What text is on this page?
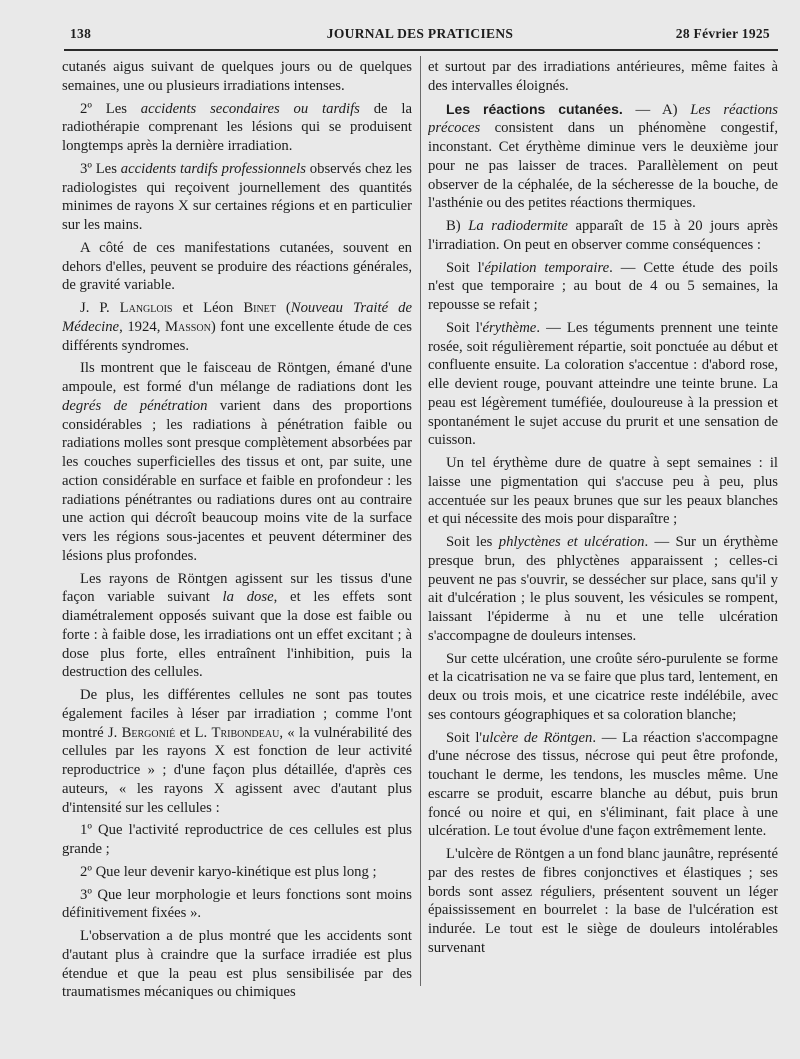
138	JOURNAL DES PRATICIENS	28 Février 1925

cutanés aigus suivant de quelques jours ou de quelques semaines, une ou plusieurs irradiations intenses.

2º Les accidents secondaires ou tardifs de la radiothérapie comprenant les lésions qui se produisent longtemps après la dernière irradiation.

3º Les accidents tardifs professionnels observés chez les radiologistes qui reçoivent journellement des quantités minimes de rayons X sur certaines régions et en particulier sur les mains.

A côté de ces manifestations cutanées, souvent en dehors d'elles, peuvent se produire des réactions générales, de gravité variable.

J. P. Langlois et Léon Binet (Nouveau Traité de Médecine, 1924, Masson) font une excellente étude de ces différents syndromes.

Ils montrent que le faisceau de Röntgen, émané d'une ampoule, est formé d'un mélange de radiations dont les degrés de pénétration varient dans des proportions considérables ; les radiations à pénétration faible ou radiations molles sont presque complètement absorbées par les couches superficielles des tissus et ont, par suite, une action considérable en surface et faible en profondeur : les radiations pénétrantes ou radiations dures ont au contraire une action qui décroît beaucoup moins vite de la surface vers les régions sous-jacentes et peuvent déterminer des lésions plus profondes.

Les rayons de Röntgen agissent sur les tissus d'une façon variable suivant la dose, et les effets sont diamétralement opposés suivant que la dose est faible ou forte : à faible dose, les irradiations ont un effet excitant ; à dose plus forte, elles entraînent l'inhibition, puis la destruction des cellules.

De plus, les différentes cellules ne sont pas toutes également faciles à léser par irradiation ; comme l'ont montré J. Bergonié et L. Tribondeau, « la vulnérabilité des cellules par les rayons X est fonction de leur activité reproductrice » ; d'une façon plus détaillée, d'après ces auteurs, « les rayons X agissent avec d'autant plus d'intensité sur les cellules :

1º Que l'activité reproductrice de ces cellules est plus grande ;

2º Que leur devenir karyo-kinétique est plus long ;

3º Que leur morphologie et leurs fonctions sont moins définitivement fixées ».

L'observation a de plus montré que les accidents sont d'autant plus à craindre que la surface irradiée est plus étendue et que la peau est plus sensibilisée par des traumatismes mécaniques ou chimiques

et surtout par des irradiations antérieures, même faites à des intervalles éloignés.

Les réactions cutanées. — A) Les réactions précoces consistent dans un phénomène congestif, inconstant. Cet érythème diminue vers le deuxième jour pour ne pas laisser de traces. Parallèlement on peut observer de la céphalée, de la sécheresse de la bouche, de l'asthénie ou des petites réactions thermiques.

B) La radiodermite apparaît de 15 à 20 jours après l'irradiation. On peut en observer comme conséquences :

Soit l'épilation temporaire. — Cette étude des poils n'est que temporaire ; au bout de 4 ou 5 semaines, la repousse se refait ;

Soit l'érythème. — Les téguments prennent une teinte rosée, soit régulièrement répartie, soit ponctuée au début et confluente ensuite. La coloration s'accentue : d'abord rose, elle devient rouge, pouvant atteindre une teinte brune. La peau est légèrement tuméfiée, douloureuse à la pression et spontanément le sujet accuse du prurit et une sensation de cuisson.

Un tel érythème dure de quatre à sept semaines : il laisse une pigmentation qui s'accuse peu à peu, plus accentuée sur les peaux brunes que sur les peaux blanches et qui nécessite des mois pour disparaître ;

Soit les phlyctènes et ulcération. — Sur un érythème presque brun, des phlyctènes apparaissent ; celles-ci peuvent ne pas s'ouvrir, se dessécher sur place, sans qu'il y ait d'ulcération ; le plus souvent, les vésicules se rompent, laissant l'épiderme à nu et une telle ulcération s'accompagne de douleurs intenses.

Sur cette ulcération, une croûte séro-purulente se forme et la cicatrisation ne va se faire que plus tard, lentement, en deux ou trois mois, et une cicatrice reste indélébile, avec ses contours géographiques et sa coloration blanche;

Soit l'ulcère de Röntgen. — La réaction s'accompagne d'une nécrose des tissus, nécrose qui peut être profonde, touchant le derme, les tendons, les muscles même. Une escarre se produit, escarre blanche au début, puis brun foncé ou noire et qui, en s'éliminant, fait place à une ulcération. Le tout évolue d'une façon extrêmement lente.

L'ulcère de Röntgen a un fond blanc jaunâtre, représenté par des restes de fibres conjonctives et élastiques ; ses bords sont assez réguliers, présentent souvent un léger épaississement en bourrelet : la base de l'ulcération est indurée. Le tout est le siège de douleurs intolérables survenant
